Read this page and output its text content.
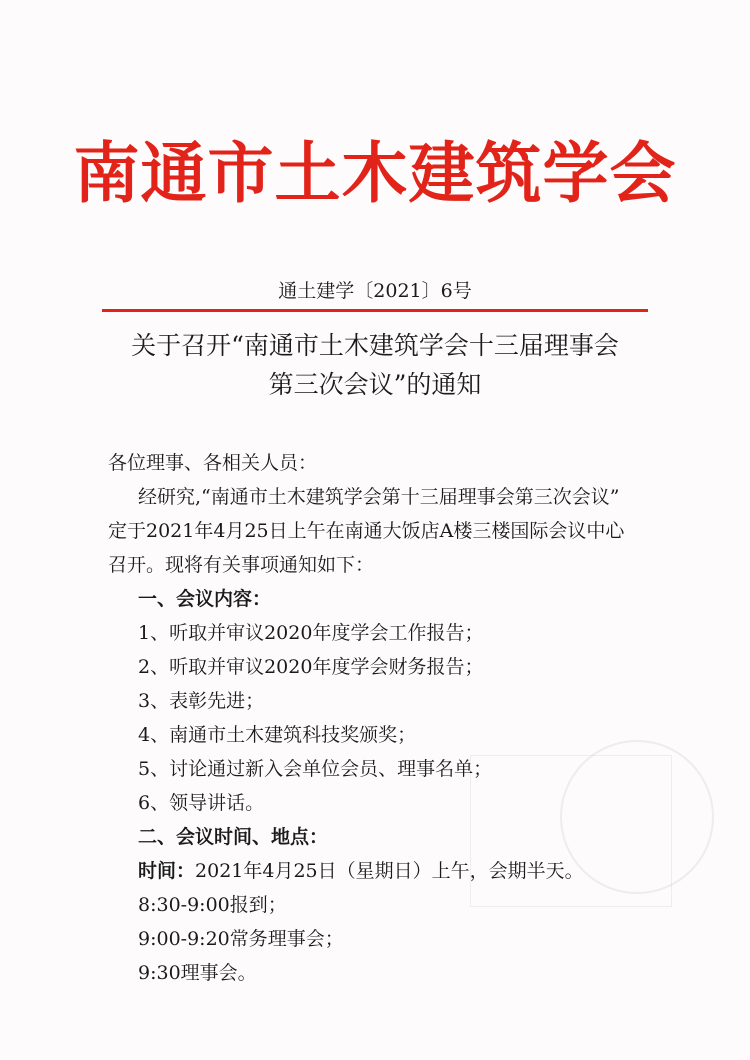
南通市土木建筑学会
通土建学〔2021〕6号
关于召开“南通市土木建筑学会十三届理事会
第三次会议”的通知

各位理事、各相关人员：

经研究,“南通市土木建筑学会第十三届理事会第三次会议”

定于2021年4月25日上午在南通大饭店A楼三楼国际会议中心

召开。现将有关事项通知如下：

一、会议内容：

1、听取并审议2020年度学会工作报告；

2、听取并审议2020年度学会财务报告；

3、表彰先进；

4、南通市土木建筑科技奖颁奖；

5、讨论通过新入会单位会员、理事名单；

6、领导讲话。

二、会议时间、地点：

时间：2021年4月25日（星期日）上午，会期半天。

8:30-9:00报到；

9:00-9:20常务理事会；

9:30理事会。
